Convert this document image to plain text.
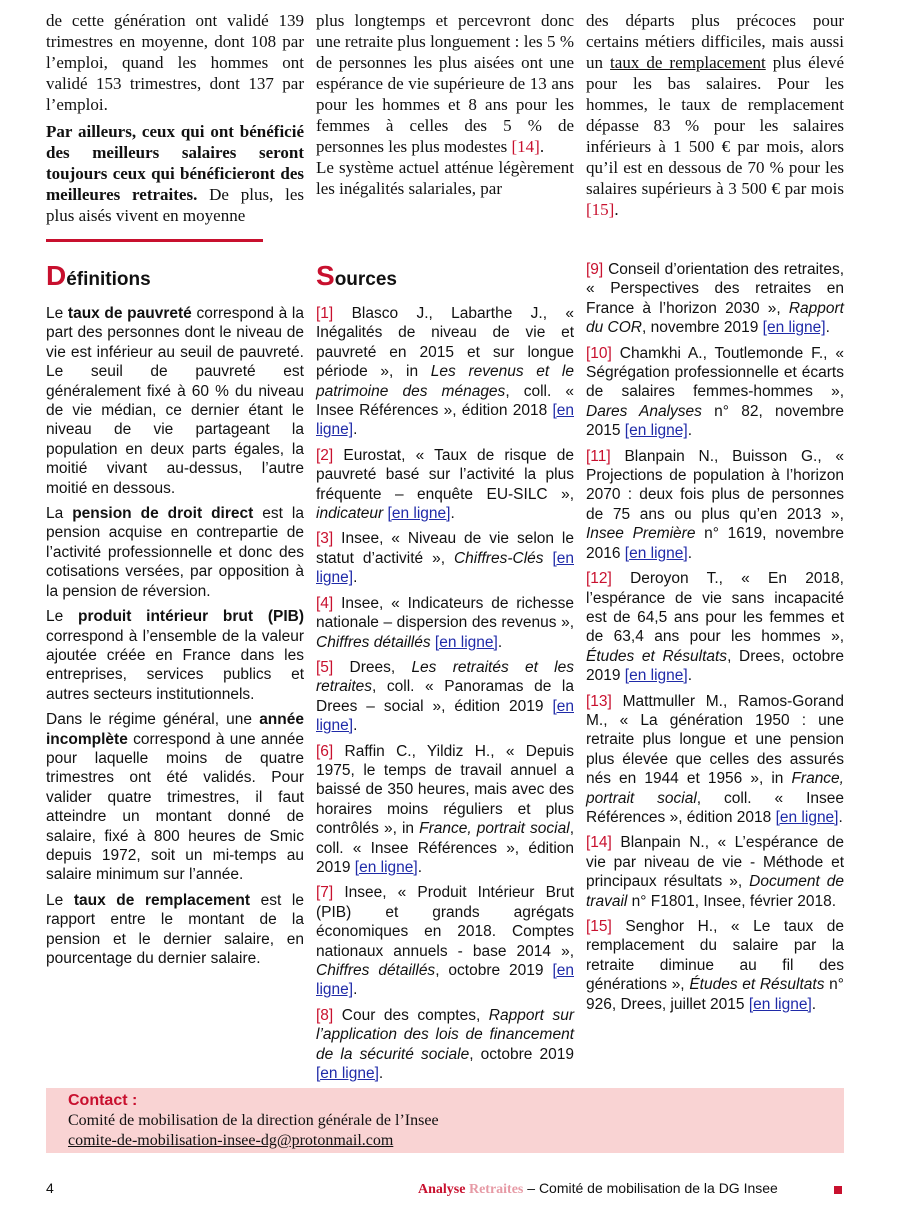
de cette génération ont validé 139 trimestres en moyenne, dont 108 par l’emploi, quand les hommes ont validé 153 trimestres, dont 137 par l’emploi.

Par ailleurs, ceux qui ont bénéficié des meilleurs salaires seront toujours ceux qui bénéficieront des meilleures retraites. De plus, les plus aisés vivent en moyenne

plus longtemps et percevront donc une retraite plus longuement : les 5 % de personnes les plus aisées ont une espérance de vie supérieure de 13 ans pour les hommes et 8 ans pour les femmes à celles des 5 % de personnes les plus modestes [14].

Le système actuel atténue légèrement les inégalités salariales, par

des départs plus précoces pour certains métiers difficiles, mais aussi un taux de remplacement plus élevé pour les bas salaires. Pour les hommes, le taux de remplacement dépasse 83 % pour les salaires inférieurs à 1 500 € par mois, alors qu’il est en dessous de 70 % pour les salaires supérieurs à 3 500 € par mois [15].

Définitions	Sources

Le taux de pauvreté correspond à la part des personnes dont le niveau de vie est inférieur au seuil de pauvreté. Le seuil de pauvreté est généralement fixé à 60 % du niveau de vie médian, ce dernier étant le niveau de vie partageant la population en deux parts égales, la moitié vivant au-dessus, l’autre moitié en dessous.

La pension de droit direct est la pension acquise en contrepartie de l’activité professionnelle et donc des cotisations versées, par opposition à la pension de réversion.

Le produit intérieur brut (PIB) correspond à l’ensemble de la valeur ajoutée créée en France dans les entreprises, services publics et autres secteurs institutionnels.

Dans le régime général, une année incomplète correspond à une année pour laquelle moins de quatre trimestres ont été validés. Pour valider quatre trimestres, il faut atteindre un montant donné de salaire, fixé à 800 heures de Smic depuis 1972, soit un mi-temps au salaire minimum sur l’année.

Le taux de remplacement est le rapport entre le montant de la pension et le dernier salaire, en pourcentage du dernier salaire.

[1] Blasco J., Labarthe J., « Inégalités de niveau de vie et pauvreté en 2015 et sur longue période », in Les revenus et le patrimoine des ménages, coll. « Insee Références », édition 2018 [en ligne].

[2] Eurostat, « Taux de risque de pauvreté basé sur l’activité la plus fréquente – enquête EU-SILC », indicateur [en ligne].

[3] Insee, « Niveau de vie selon le statut d’activité », Chiffres-Clés [en ligne].

[4] Insee, « Indicateurs de richesse nationale – dispersion des revenus », Chiffres détaillés [en ligne].

[5] Drees, Les retraités et les retraites, coll. « Panoramas de la Drees – social », édition 2019 [en ligne].

[6] Raffin C., Yildiz H., « Depuis 1975, le temps de travail annuel a baissé de 350 heures, mais avec des horaires moins réguliers et plus contrôlés », in France, portrait social, coll. « Insee Références », édition 2019 [en ligne].

[7] Insee, « Produit Intérieur Brut (PIB) et grands agrégats économiques en 2018. Comptes nationaux annuels - base 2014 », Chiffres détaillés, octobre 2019 [en ligne].

[8] Cour des comptes, Rapport sur l’application des lois de financement de la sécurité sociale, octobre 2019 [en ligne].

[9] Conseil d’orientation des retraites, « Perspectives des retraites en France à l’horizon 2030 », Rapport du COR, novembre 2019 [en ligne].

[10] Chamkhi A., Toutlemonde F., « Ségrégation professionnelle et écarts de salaires femmes-hommes », Dares Analyses n° 82, novembre 2015 [en ligne].

[11] Blanpain N., Buisson G., « Projections de population à l’horizon 2070 : deux fois plus de personnes de 75 ans ou plus qu’en 2013 », Insee Première n° 1619, novembre 2016 [en ligne].

[12] Deroyon T., « En 2018, l’espérance de vie sans incapacité est de 64,5 ans pour les femmes et de 63,4 ans pour les hommes », Études et Résultats, Drees, octobre 2019 [en ligne].

[13] Mattmuller M., Ramos-Gorand M., « La génération 1950 : une retraite plus longue et une pension plus élevée que celles des assurés nés en 1944 et 1956 », in France, portrait social, coll. « Insee Références », édition 2018 [en ligne].

[14] Blanpain N., « L’espérance de vie par niveau de vie - Méthode et principaux résultats », Document de travail n° F1801, Insee, février 2018.

[15] Senghor H., « Le taux de remplacement du salaire par la retraite diminue au fil des générations », Études et Résultats n° 926, Drees, juillet 2015 [en ligne].

Contact :
Comité de mobilisation de la direction générale de l’Insee
comite-de-mobilisation-insee-dg@protonmail.com
4	Analyse Retraites – Comité de mobilisation de la DG Insee
